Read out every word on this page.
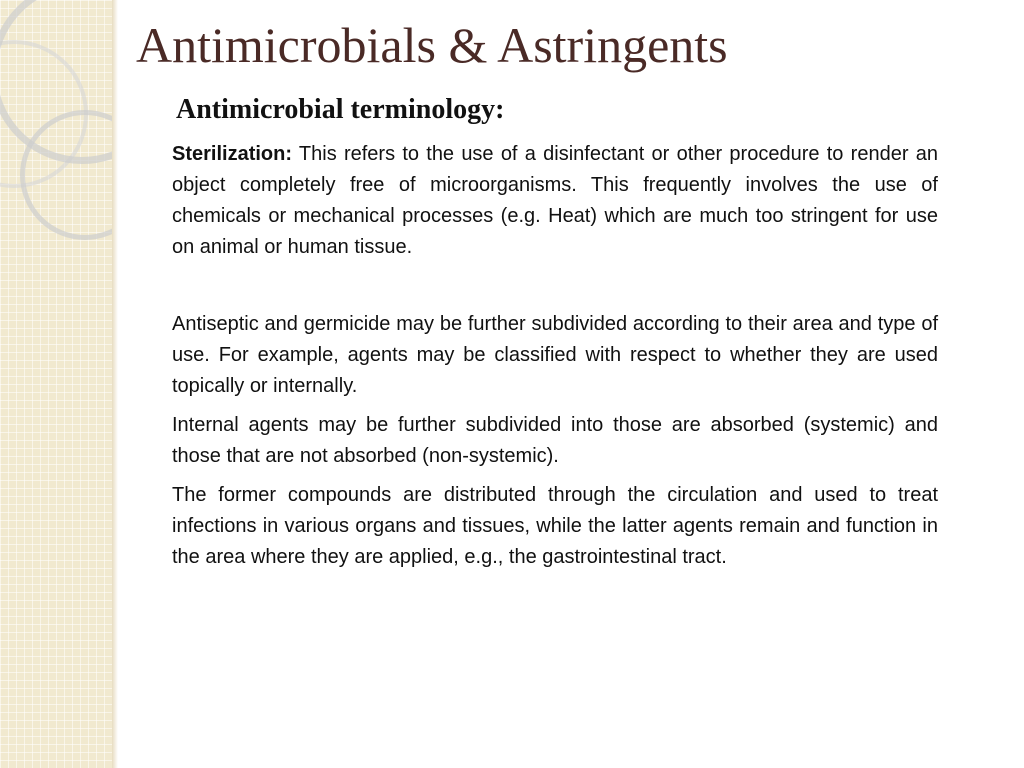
Antimicrobials & Astringents
Antimicrobial terminology:

Sterilization: This refers to the use of a disinfectant or other procedure to render an object completely free of microorganisms. This frequently involves the use of chemicals or mechanical processes (e.g. Heat) which are much too stringent for use on animal or human tissue.

Antiseptic and germicide may be further subdivided according to their area and type of use. For example, agents may be classified with respect to whether they are used topically or internally.

Internal agents may be further subdivided into those are absorbed (systemic) and those that are not absorbed (non-systemic).

The former compounds are distributed through the circulation and used to treat infections in various organs and tissues, while the latter agents remain and function in the area where they are applied, e.g., the gastrointestinal tract.
